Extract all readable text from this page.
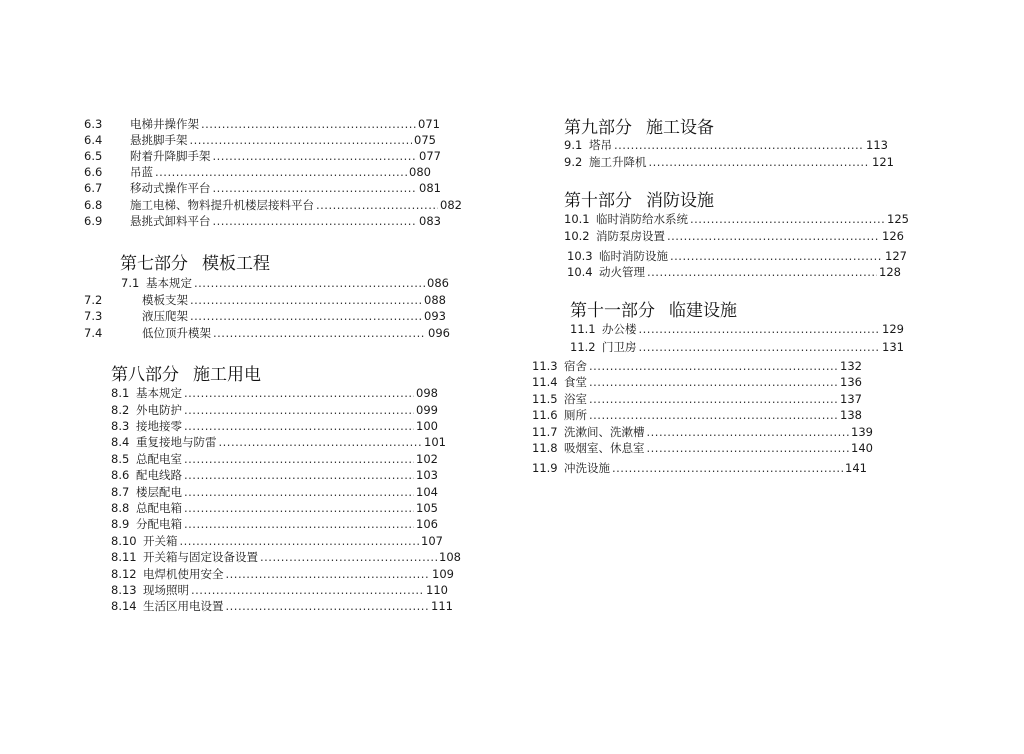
6.3	电梯井操作架 .....	071
6.4	悬挑脚手架 .....	075
6.5	附着升降脚手架 .....	077
6.6	吊蓝 .....	080
6.7	移动式操作平台 .....	081
6.8	施工电梯、物料提升机楼层接料平台 .....	082
6.9	悬挑式卸料平台 .....	083
第七部分 模板工程
7.1 基本规定 .....	086
7.2	模板支架 .....	088
7.3	液压爬架 .....	093
7.4	低位顶升模架 .....	096
第八部分 施工用电
8.1 基本规定 .....	098
8.2 外电防护 .....	099
8.3 接地接零 .....	100
8.4 重复接地与防雷 .....	101
8.5 总配电室 .....	102
8.6 配电线路 .....	103
8.7 楼层配电 .....	104
8.8 总配电箱 .....	105
8.9 分配电箱 .....	106
8.10 开关箱 .....	107
8.11 开关箱与固定设备设置 .....	108
8.12 电焊机使用安全 .....	109
8.13 现场照明 .....	110
8.14 生活区用电设置 .....	111
第九部分 施工设备
9.1 塔吊 .....	113
9.2 施工升降机 .....	121
第十部分 消防设施
10.1 临时消防给水系统 .....	125
10.2 消防泵房设置 .....	126
10.3 临时消防设施 .....	127
10.4 动火管理 .....	128
第十一部分 临建设施
11.1 办公楼 .....	129
11.2 门卫房 .....	131
11.3 宿舍 .....	132
11.4 食堂 .....	136
11.5 浴室 .....	137
11.6 厕所 .....	138
11.7 洗漱间、洗漱槽 .....	139
11.8 吸烟室、休息室 .....	140
11.9 冲洗设施 .....	141
